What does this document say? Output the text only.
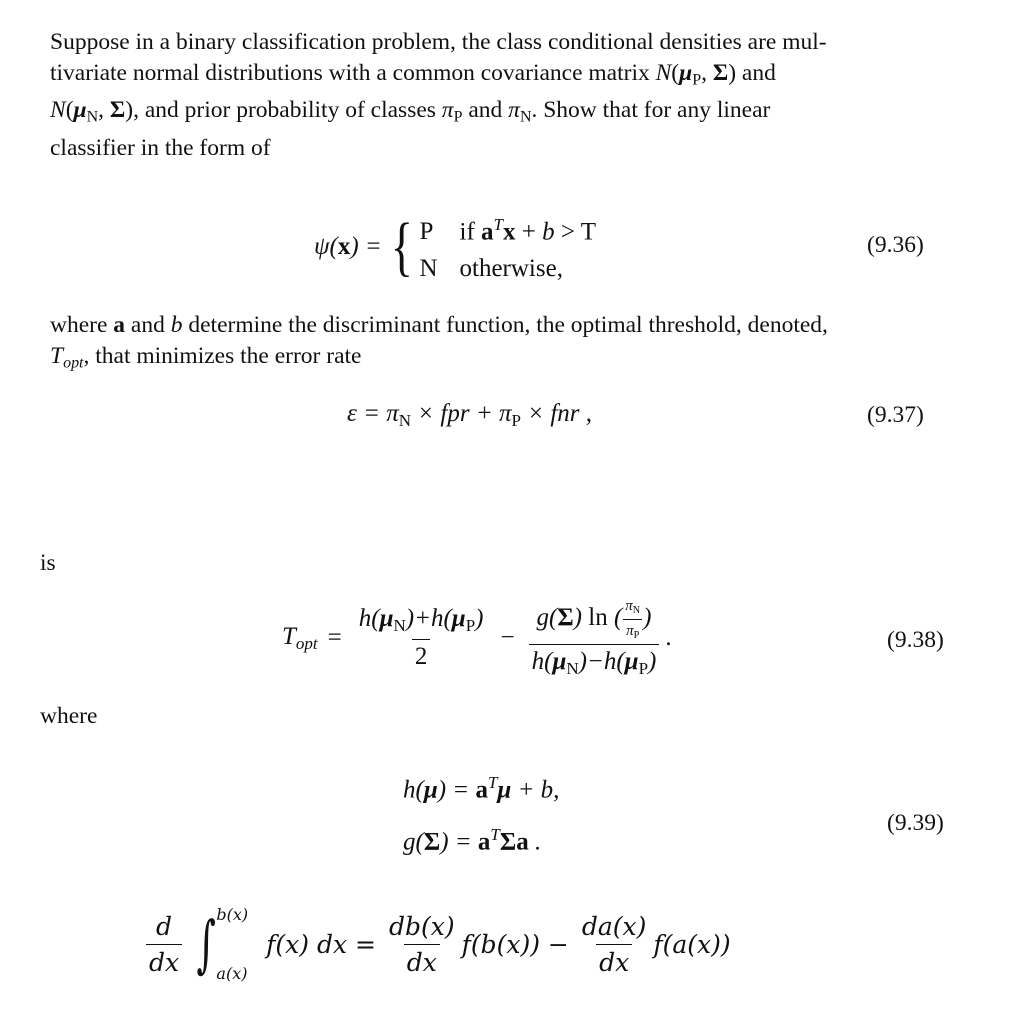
Suppose in a binary classification problem, the class conditional densities are mul-
tivariate normal distributions with a common covariance matrix $N(\mu_P$, Σ) and
$N(\mu_N$, Σ), and prior probability of classes $\pi_P$ and $\pi_N$. Show that for any linear
classifier in the form of
ψ(x) = { P if $a^Tx + b > T$
N otherwise,
(9.36)
where a and b determine the discriminant function, the optimal threshold, denoted,
$T_{opt}$, that minimizes the error rate
$\varepsilon = \pi_N$ × fpr + $\pi_P$ × fnr ,	(9.37)
is
$T_{opt} = \frac{h(\mu_N)+h(\mu_P)}{2} - \frac{g(\Sigma) \ln ( \frac{\pi_N}{\pi_P} )}{h(\mu_N)-h(\mu_P)}$ .	(9.38)
where
$h(\mu) = a^T\mu + b$,
$g(\Sigma) = a^T\Sigma a$ .
(9.39)
$\frac{d}{dx}$ ∫ b(x)
a(x)
f(x) dx = $\frac{db(x)}{dx} f(b(x)) - \frac{da(x)}{dx} f(a(x))$
